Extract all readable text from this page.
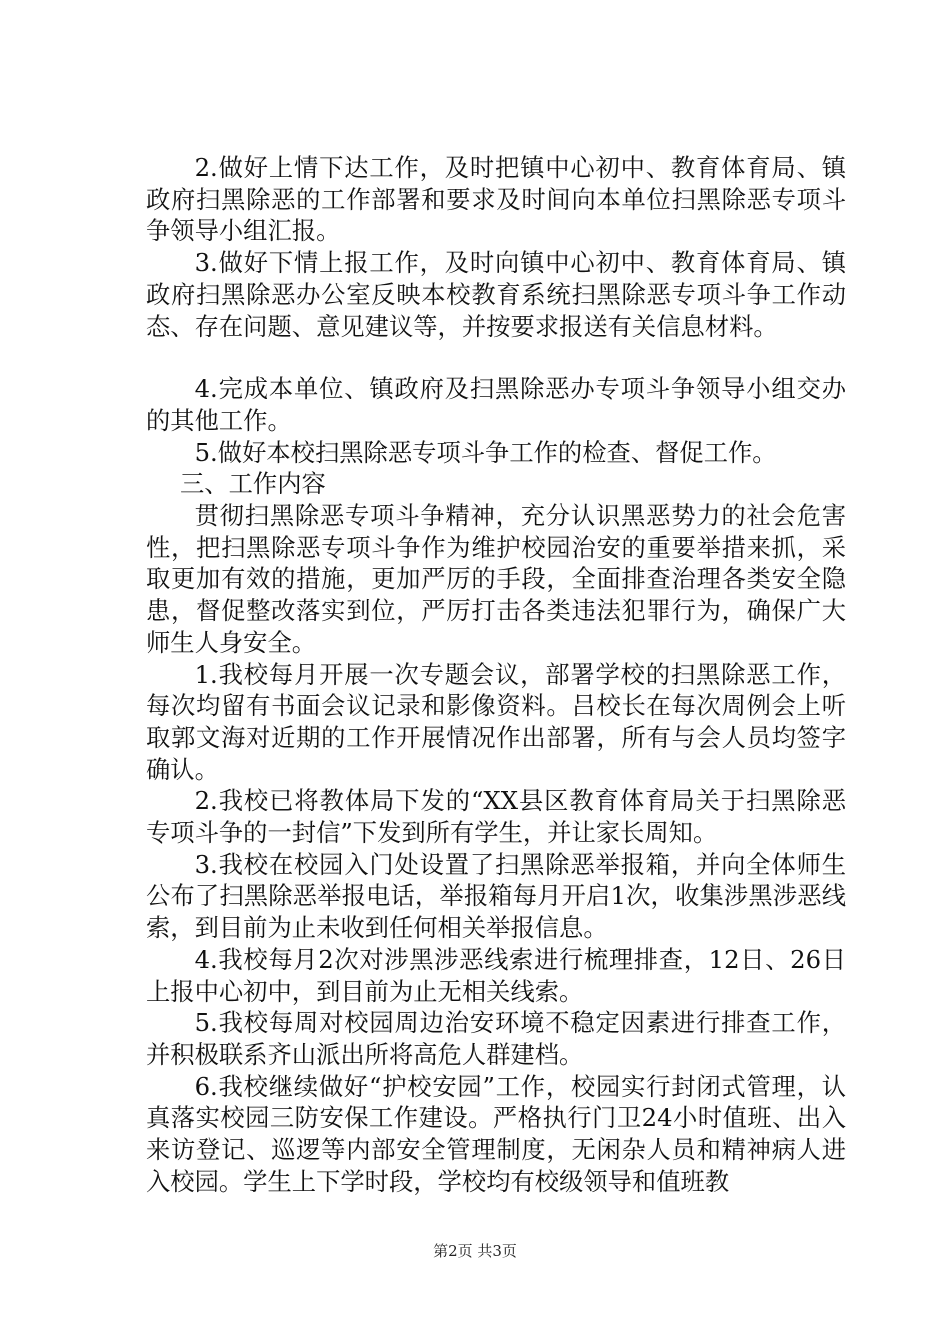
2.做好上情下达工作，及时把镇中心初中、教育体育局、镇政府扫黑除恶的工作部署和要求及时间向本单位扫黑除恶专项斗争领导小组汇报。

3.做好下情上报工作，及时向镇中心初中、教育体育局、镇政府扫黑除恶办公室反映本校教育系统扫黑除恶专项斗争工作动态、存在问题、意见建议等，并按要求报送有关信息材料。

4.完成本单位、镇政府及扫黑除恶办专项斗争领导小组交办的其他工作。

5.做好本校扫黑除恶专项斗争工作的检查、督促工作。

三、工作内容

贯彻扫黑除恶专项斗争精神，充分认识黑恶势力的社会危害性，把扫黑除恶专项斗争作为维护校园治安的重要举措来抓，采取更加有效的措施，更加严厉的手段，全面排查治理各类安全隐患，督促整改落实到位，严厉打击各类违法犯罪行为，确保广大师生人身安全。

1.我校每月开展一次专题会议，部署学校的扫黑除恶工作，每次均留有书面会议记录和影像资料。吕校长在每次周例会上听取郭文海对近期的工作开展情况作出部署，所有与会人员均签字确认。

2.我校已将教体局下发的“XX县区教育体育局关于扫黑除恶专项斗争的一封信”下发到所有学生，并让家长周知。

3.我校在校园入门处设置了扫黑除恶举报箱，并向全体师生公布了扫黑除恶举报电话，举报箱每月开启1次，收集涉黑涉恶线索，到目前为止未收到任何相关举报信息。

4.我校每月2次对涉黑涉恶线索进行梳理排查，12日、26日上报中心初中，到目前为止无相关线索。

5.我校每周对校园周边治安环境不稳定因素进行排查工作，并积极联系齐山派出所将高危人群建档。

6.我校继续做好“护校安园”工作，校园实行封闭式管理，认真落实校园三防安保工作建设。严格执行门卫24小时值班、出入来访登记、巡逻等内部安全管理制度，无闲杂人员和精神病人进入校园。学生上下学时段，学校均有校级领导和值班教

第2页 共3页
